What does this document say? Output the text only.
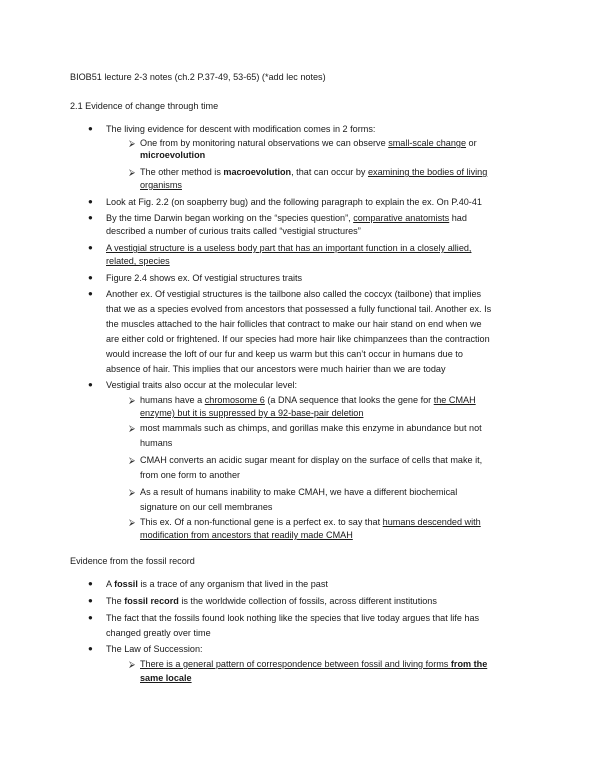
BIOB51 lecture 2-3 notes (ch.2 P.37-49, 53-65) (*add lec notes)
2.1 Evidence of change through time
● The living evidence for descent with modification comes in 2 forms:
⮚ One from by monitoring natural observations we can observe small-scale change or
microevolution
⮚ The other method is macroevolution, that can occur by examining the bodies of living
organisms
● Look at Fig. 2.2 (on soapberry bug) and the following paragraph to explain the ex. On P.40-41
● By the time Darwin began working on the “species question”, comparative anatomists had
described a number of curious traits called “vestigial structures”
● A vestigial structure is a useless body part that has an important function in a closely allied,
related, species
● Figure 2.4 shows ex. Of vestigial structures traits
● Another ex. Of vestigial structures is the tailbone also called the coccyx (tailbone) that implies
that we as a species evolved from ancestors that possessed a fully functional tail. Another ex. Is
the muscles attached to the hair follicles that contract to make our hair stand on end when we
are either cold or frightened. If our species had more hair like chimpanzees than the contraction
would increase the loft of our fur and keep us warm but this can’t occur in humans due to
absence of hair. This implies that our ancestors were much hairier than we are today
● Vestigial traits also occur at the molecular level:
⮚ humans have a chromosome 6 (a DNA sequence that looks the gene for the CMAH
enzyme) but it is suppressed by a 92-base-pair deletion
⮚ most mammals such as chimps, and gorillas make this enzyme in abundance but not
humans
⮚ CMAH converts an acidic sugar meant for display on the surface of cells that make it,
from one form to another
⮚ As a result of humans inability to make CMAH, we have a different biochemical
signature on our cell membranes
⮚ This ex. Of a non-functional gene is a perfect ex. to say that humans descended with
modification from ancestors that readily made CMAH
Evidence from the fossil record
● A fossil is a trace of any organism that lived in the past
● The fossil record is the worldwide collection of fossils, across different institutions
● The fact that the fossils found look nothing like the species that live today argues that life has
changed greatly over time
● The Law of Succession:
⮚ There is a general pattern of correspondence between fossil and living forms from the
same locale
